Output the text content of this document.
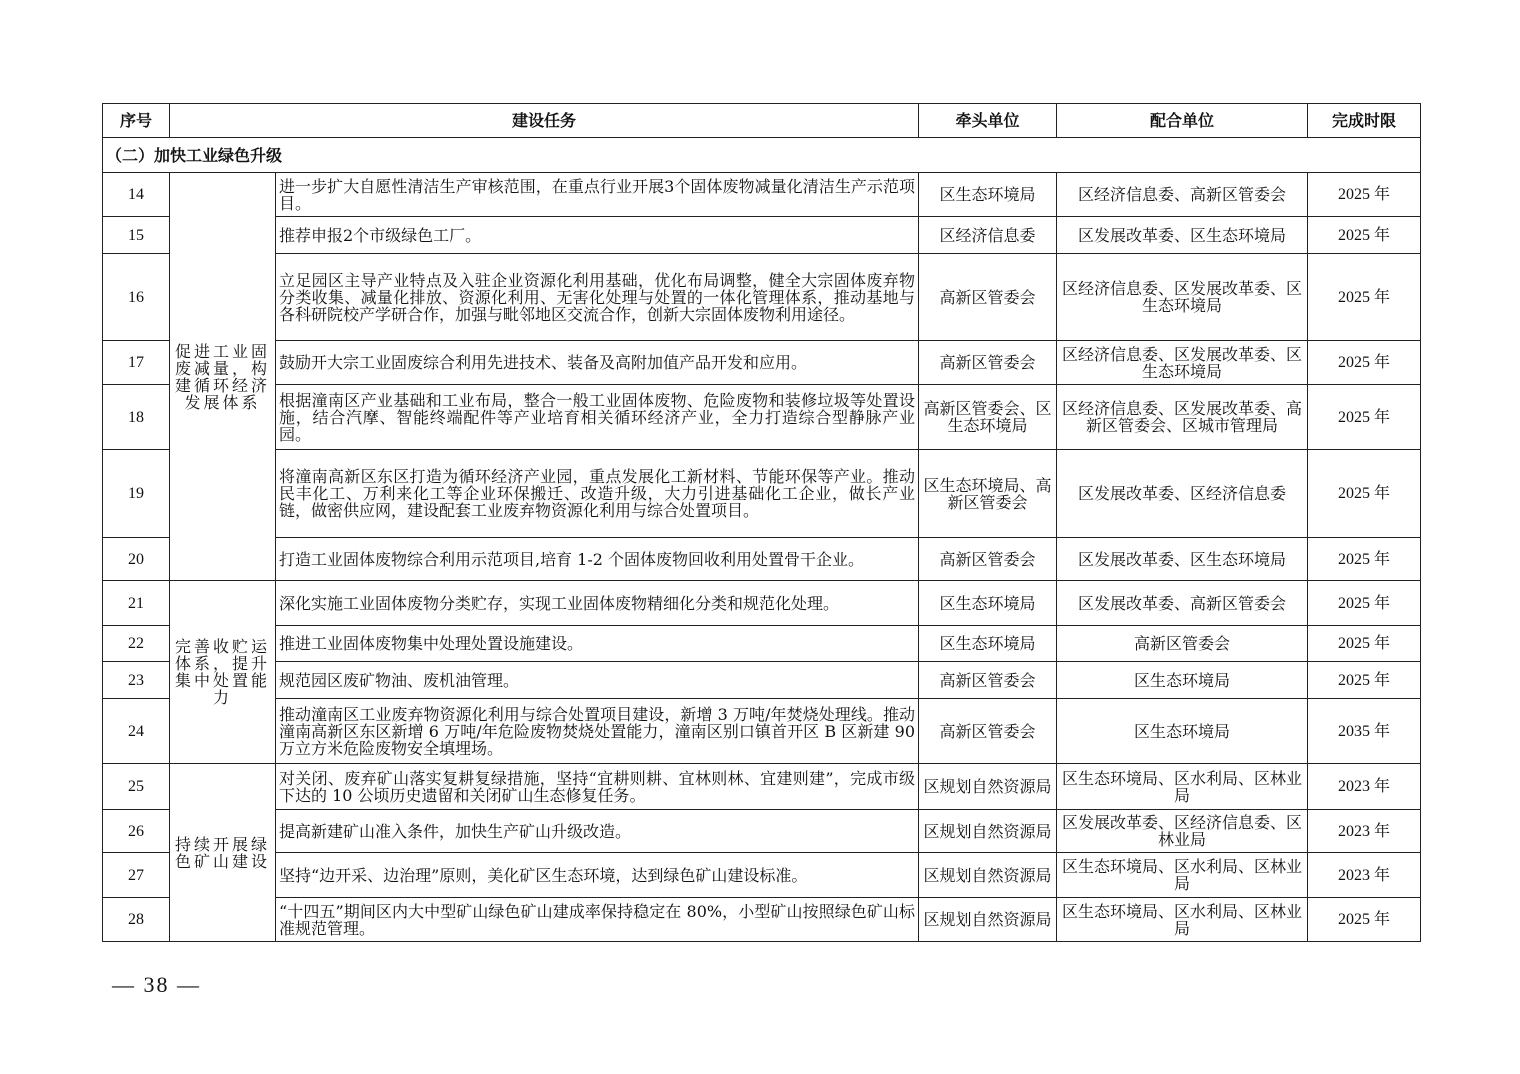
序号	建设任务		牵头单位	配合单位	完成时限
（二）加快工业绿色升级					
14	促进工业固废减量，构建循环经济发展体系	进一步扩大自愿性清洁生产审核范围，在重点行业开展3个固体废物减量化清洁生产示范项目。	区生态环境局	区经济信息委、高新区管委会	2025 年
15		推荐申报2个市级绿色工厂。	区经济信息委	区发展改革委、区生态环境局	2025 年
16		立足园区主导产业特点及入驻企业资源化利用基础，优化布局调整，健全大宗固体废弃物分类收集、减量化排放、资源化利用、无害化处理与处置的一体化管理体系，推动基地与各科研院校产学研合作，加强与毗邻地区交流合作，创新大宗固体废物利用途径。	高新区管委会	区经济信息委、区发展改革委、区生态环境局	2025 年
17		鼓励开大宗工业固废综合利用先进技术、装备及高附加值产品开发和应用。	高新区管委会	区经济信息委、区发展改革委、区生态环境局	2025 年
18		根据潼南区产业基础和工业布局，整合一般工业固体废物、危险废物和装修垃圾等处置设施，结合汽摩、智能终端配件等产业培育相关循环经济产业，全力打造综合型静脉产业园。	高新区管委会、区生态环境局	区经济信息委、区发展改革委、高新区管委会、区城市管理局	2025 年
19		将潼南高新区东区打造为循环经济产业园，重点发展化工新材料、节能环保等产业。推动民丰化工、万利来化工等企业环保搬迁、改造升级，大力引进基础化工企业，做长产业链，做密供应网，建设配套工业废弃物资源化利用与综合处置项目。	区生态环境局、高新区管委会	区发展改革委、区经济信息委	2025 年
20		打造工业固体废物综合利用示范项目,培育 1-2 个固体废物回收利用处置骨干企业。	高新区管委会	区发展改革委、区生态环境局	2025 年
21	完善收贮运体系，提升集中处置能力	深化实施工业固体废物分类贮存，实现工业固体废物精细化分类和规范化处理。	区生态环境局	区发展改革委、高新区管委会	2025 年
22		推进工业固体废物集中处理处置设施建设。	区生态环境局	高新区管委会	2025 年
23		规范园区废矿物油、废机油管理。	高新区管委会	区生态环境局	2025 年
24		推动潼南区工业废弃物资源化利用与综合处置项目建设，新增 3 万吨/年焚烧处理线。推动潼南高新区东区新增 6 万吨/年危险废物焚烧处置能力，潼南区别口镇首开区 B 区新建 90 万立方米危险废物安全填埋场。	高新区管委会	区生态环境局	2035 年
25	持续开展绿色矿山建设	对关闭、废弃矿山落实复耕复绿措施，坚持“宜耕则耕、宜林则林、宜建则建”，完成市级下达的 10 公顷历史遗留和关闭矿山生态修复任务。	区规划自然资源局	区生态环境局、区水利局、区林业局	2023 年
26		提高新建矿山准入条件，加快生产矿山升级改造。	区规划自然资源局	区发展改革委、区经济信息委、区林业局	2023 年
27		坚持“边开采、边治理”原则，美化矿区生态环境，达到绿色矿山建设标准。	区规划自然资源局	区生态环境局、区水利局、区林业局	2023 年
28		“十四五”期间区内大中型矿山绿色矿山建成率保持稳定在 80%，小型矿山按照绿色矿山标准规范管理。	区规划自然资源局	区生态环境局、区水利局、区林业局	2025 年
— 38 —
